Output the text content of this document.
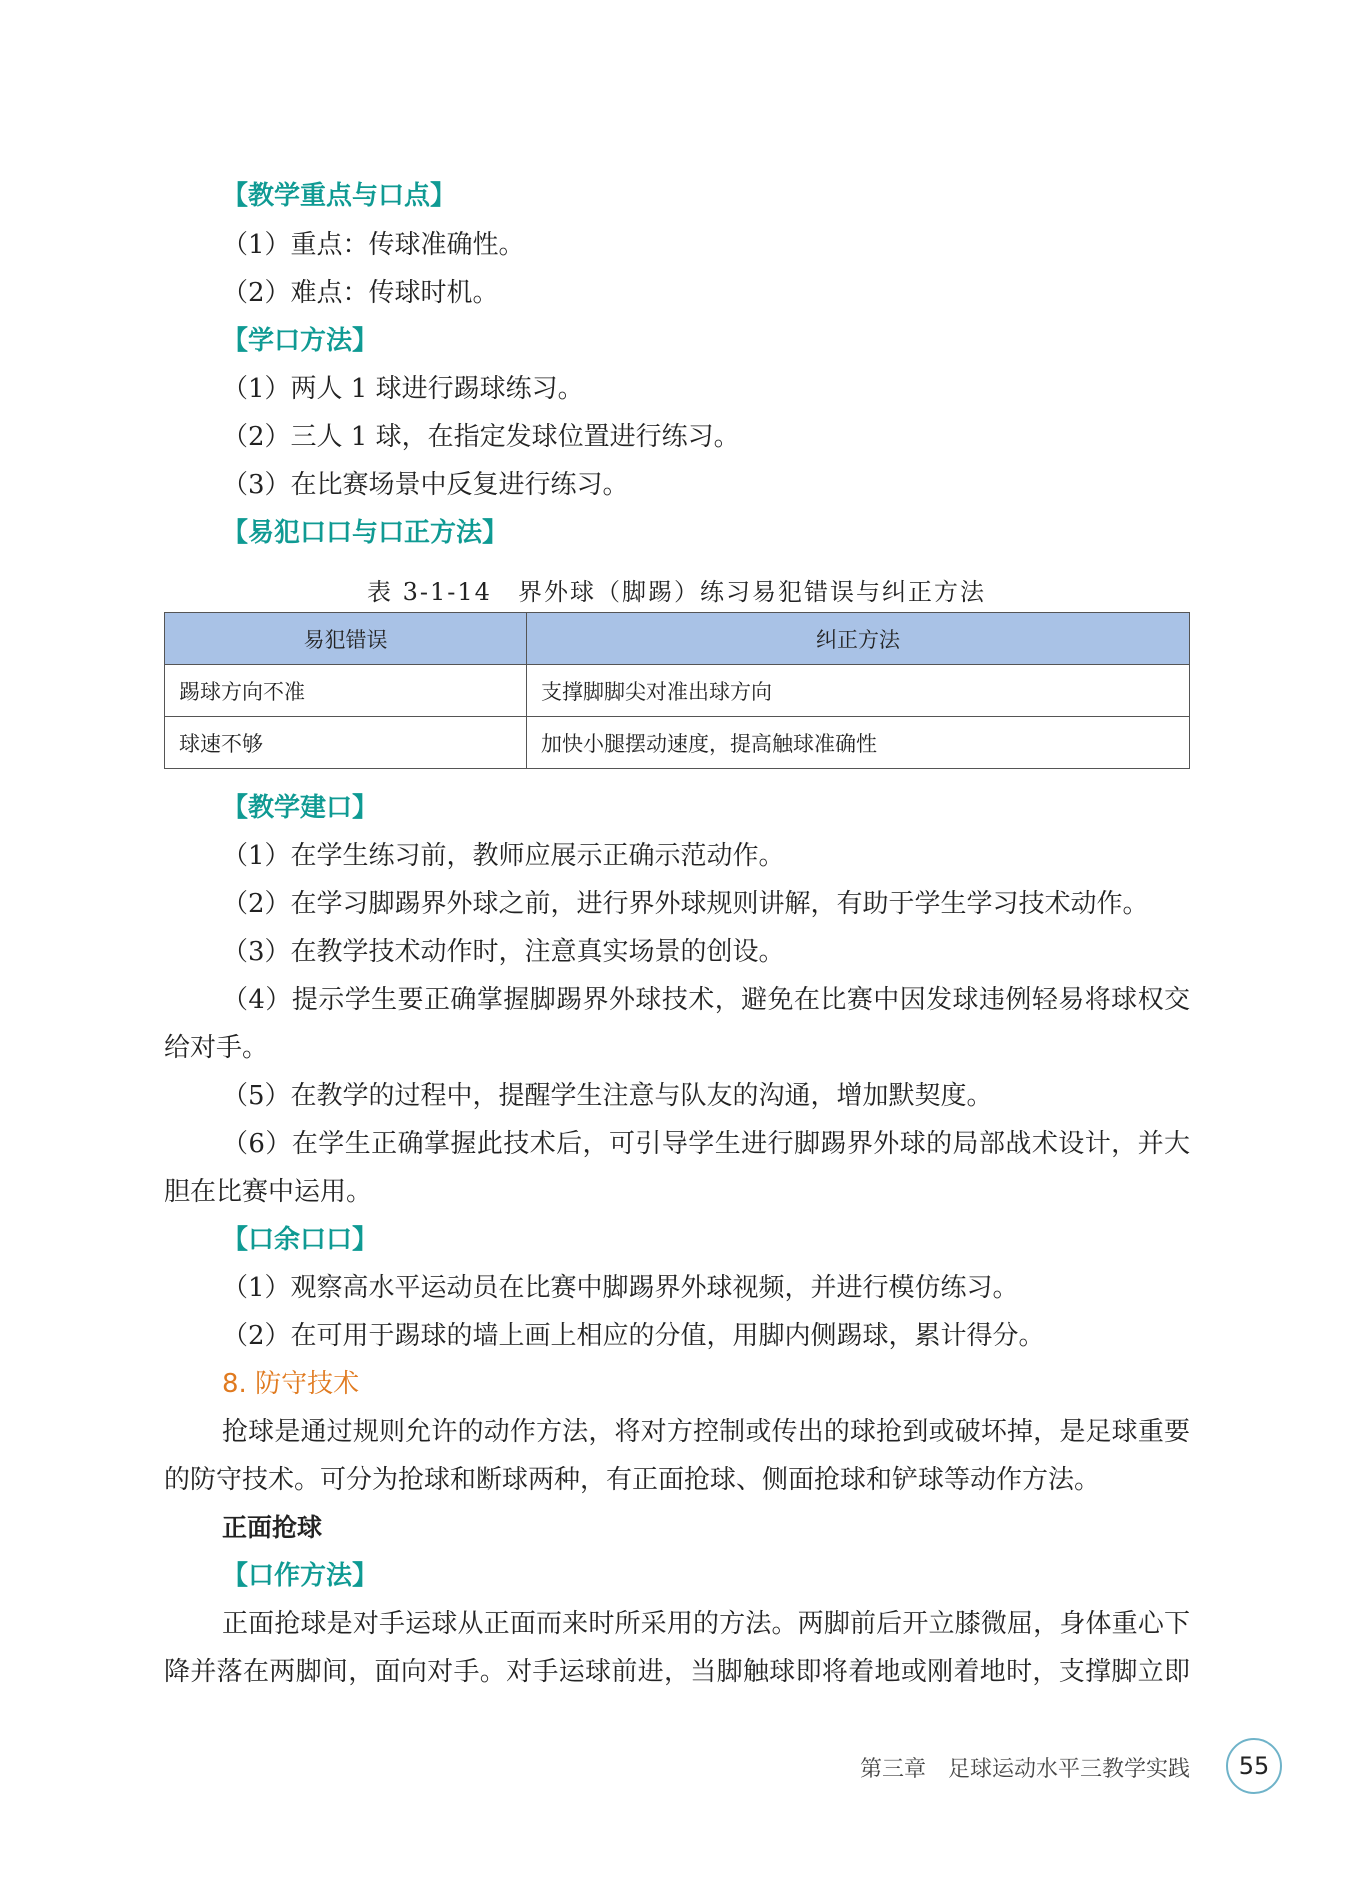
【教学重点与口点】
（1）重点：传球准确性。
（2）难点：传球时机。
【学口方法】
（1）两人 1 球进行踢球练习。
（2）三人 1 球，在指定发球位置进行练习。
（3）在比赛场景中反复进行练习。
【易犯口口与口正方法】
表 3-1-14　界外球（脚踢）练习易犯错误与纠正方法
易犯错误	纠正方法
踢球方向不准	支撑脚脚尖对准出球方向
球速不够	加快小腿摆动速度，提高触球准确性
【教学建口】
（1）在学生练习前，教师应展示正确示范动作。
（2）在学习脚踢界外球之前，进行界外球规则讲解，有助于学生学习技术动作。
（3）在教学技术动作时，注意真实场景的创设。
（4）提示学生要正确掌握脚踢界外球技术，避免在比赛中因发球违例轻易将球权交
给对手。
（5）在教学的过程中，提醒学生注意与队友的沟通，增加默契度。
（6）在学生正确掌握此技术后，可引导学生进行脚踢界外球的局部战术设计，并大
胆在比赛中运用。
【口余口口】
（1）观察高水平运动员在比赛中脚踢界外球视频，并进行模仿练习。
（2）在可用于踢球的墙上画上相应的分值，用脚内侧踢球，累计得分。
8. 防守技术
抢球是通过规则允许的动作方法，将对方控制或传出的球抢到或破坏掉，是足球重要
的防守技术。可分为抢球和断球两种，有正面抢球、侧面抢球和铲球等动作方法。
正面抢球
【口作方法】
正面抢球是对手运球从正面而来时所采用的方法。两脚前后开立膝微屈，身体重心下
降并落在两脚间，面向对手。对手运球前进，当脚触球即将着地或刚着地时，支撑脚立即
第三章　足球运动水平三教学实践	55
